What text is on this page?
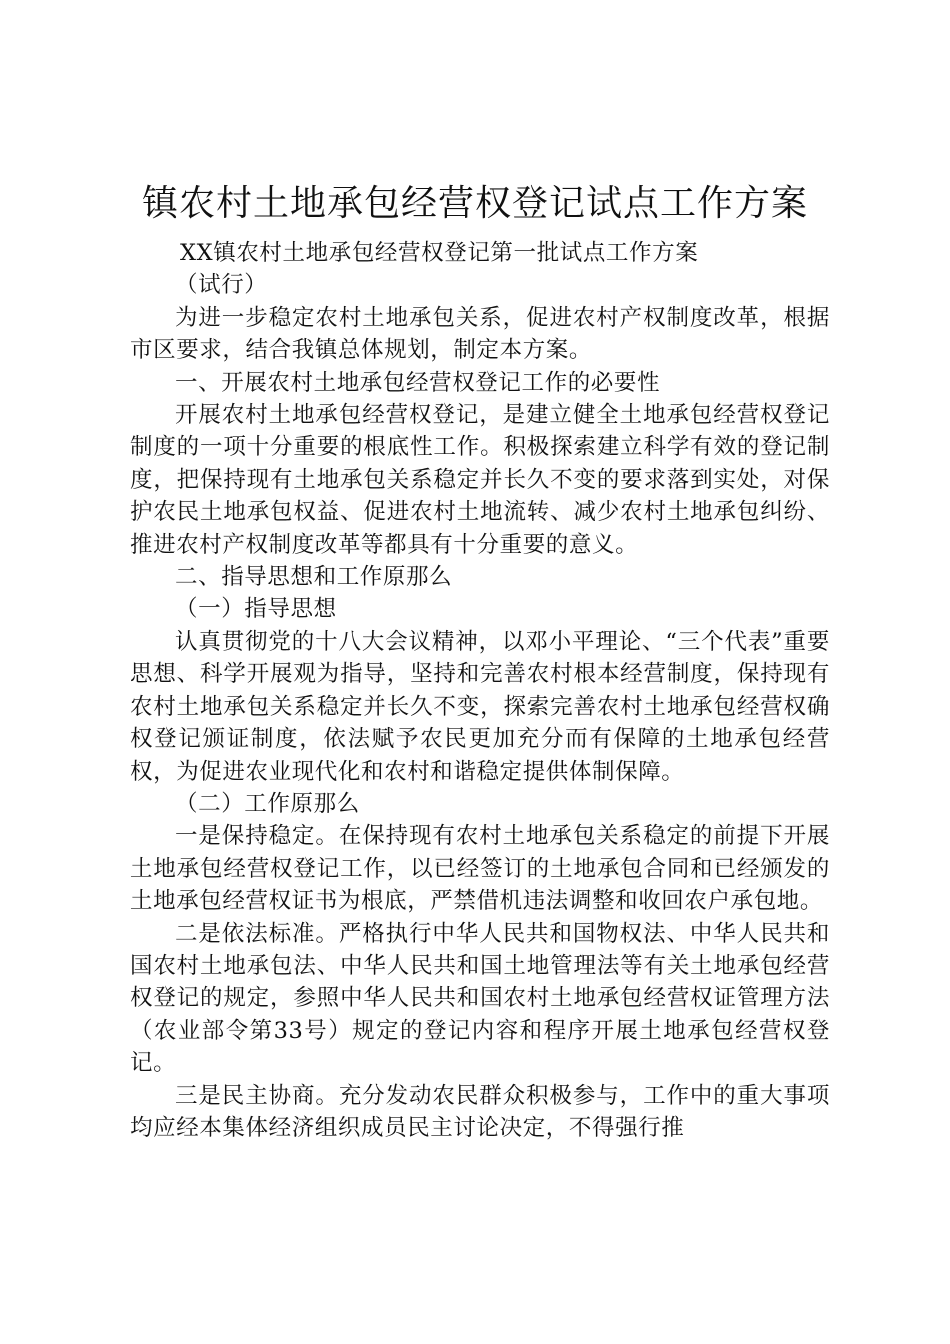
镇农村土地承包经营权登记试点工作方案

XX镇农村土地承包经营权登记第一批试点工作方案

（试行）

为进一步稳定农村土地承包关系，促进农村产权制度改革，根据市区要求，结合我镇总体规划，制定本方案。

一、开展农村土地承包经营权登记工作的必要性

开展农村土地承包经营权登记，是建立健全土地承包经营权登记制度的一项十分重要的根底性工作。积极探索建立科学有效的登记制度，把保持现有土地承包关系稳定并长久不变的要求落到实处，对保护农民土地承包权益、促进农村土地流转、减少农村土地承包纠纷、推进农村产权制度改革等都具有十分重要的意义。

二、指导思想和工作原那么

（一）指导思想

认真贯彻党的十八大会议精神，以邓小平理论、“三个代表”重要思想、科学开展观为指导，坚持和完善农村根本经营制度，保持现有农村土地承包关系稳定并长久不变，探索完善农村土地承包经营权确权登记颁证制度，依法赋予农民更加充分而有保障的土地承包经营权，为促进农业现代化和农村和谐稳定提供体制保障。

（二）工作原那么

一是保持稳定。在保持现有农村土地承包关系稳定的前提下开展土地承包经营权登记工作，以已经签订的土地承包合同和已经颁发的土地承包经营权证书为根底，严禁借机违法调整和收回农户承包地。

二是依法标准。严格执行中华人民共和国物权法、中华人民共和国农村土地承包法、中华人民共和国土地管理法等有关土地承包经营权登记的规定，参照中华人民共和国农村土地承包经营权证管理方法（农业部令第33号）规定的登记内容和程序开展土地承包经营权登记。

三是民主协商。充分发动农民群众积极参与，工作中的重大事项均应经本集体经济组织成员民主讨论决定，不得强行推
